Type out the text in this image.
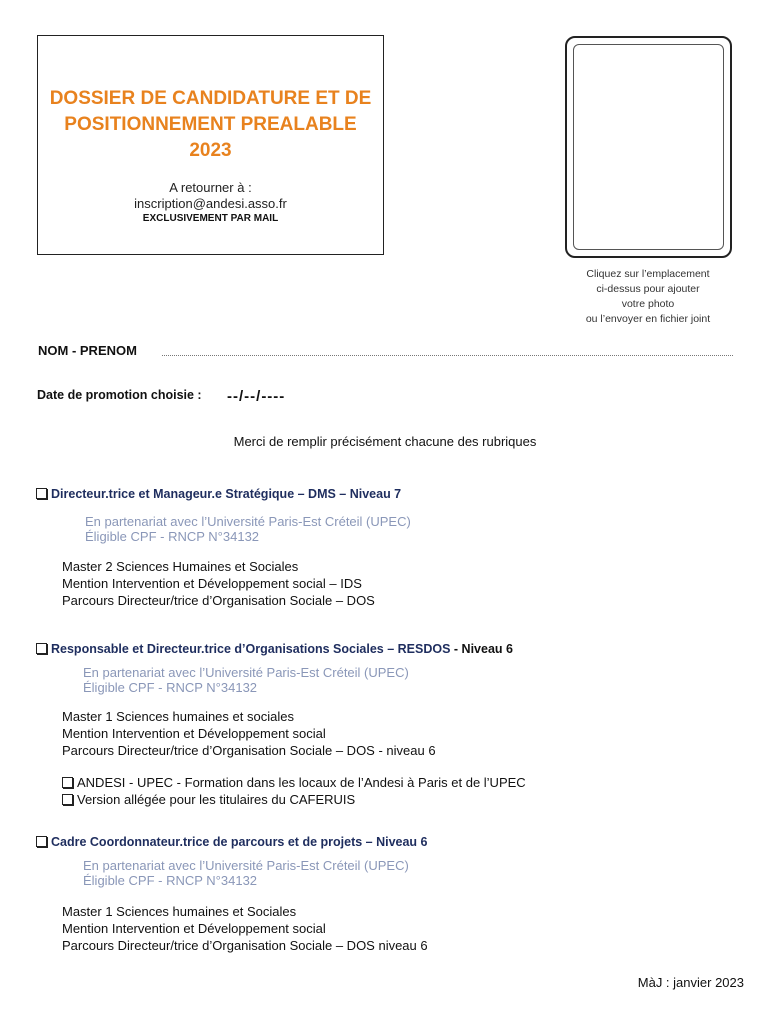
DOSSIER DE CANDIDATURE ET DE
POSITIONNEMENT PREALABLE
2023
A retourner à :
inscription@andesi.asso.fr
EXCLUSIVEMENT PAR MAIL
Cliquez sur l’emplacement
ci-dessus pour ajouter
votre photo
ou l’envoyer en fichier joint
NOM - PRENOM
Date de promotion choisie : --/--/----
Merci de remplir précisément chacune des rubriques
Directeur.trice et Manageur.e Stratégique – DMS – Niveau 7
En partenariat avec l’Université Paris-Est Créteil (UPEC)
Éligible CPF - RNCP N°34132
Master 2 Sciences Humaines et Sociales
Mention Intervention et Développement social – IDS
Parcours Directeur/trice d’Organisation Sociale – DOS
Responsable et Directeur.trice d’Organisations Sociales – RESDOS - Niveau 6
En partenariat avec l’Université Paris-Est Créteil (UPEC)
Éligible CPF - RNCP N°34132
Master 1 Sciences humaines et sociales
Mention Intervention et Développement social
Parcours Directeur/trice d’Organisation Sociale – DOS - niveau 6
ANDESI - UPEC - Formation dans les locaux de l’Andesi à Paris et de l’UPEC
Version allégée pour les titulaires du CAFERUIS
Cadre Coordonnateur.trice de parcours et de projets – Niveau 6
En partenariat avec l’Université Paris-Est Créteil (UPEC)
Éligible CPF - RNCP N°34132
Master 1 Sciences humaines et Sociales
Mention Intervention et Développement social
Parcours Directeur/trice d’Organisation Sociale – DOS niveau 6
MàJ : janvier 2023
